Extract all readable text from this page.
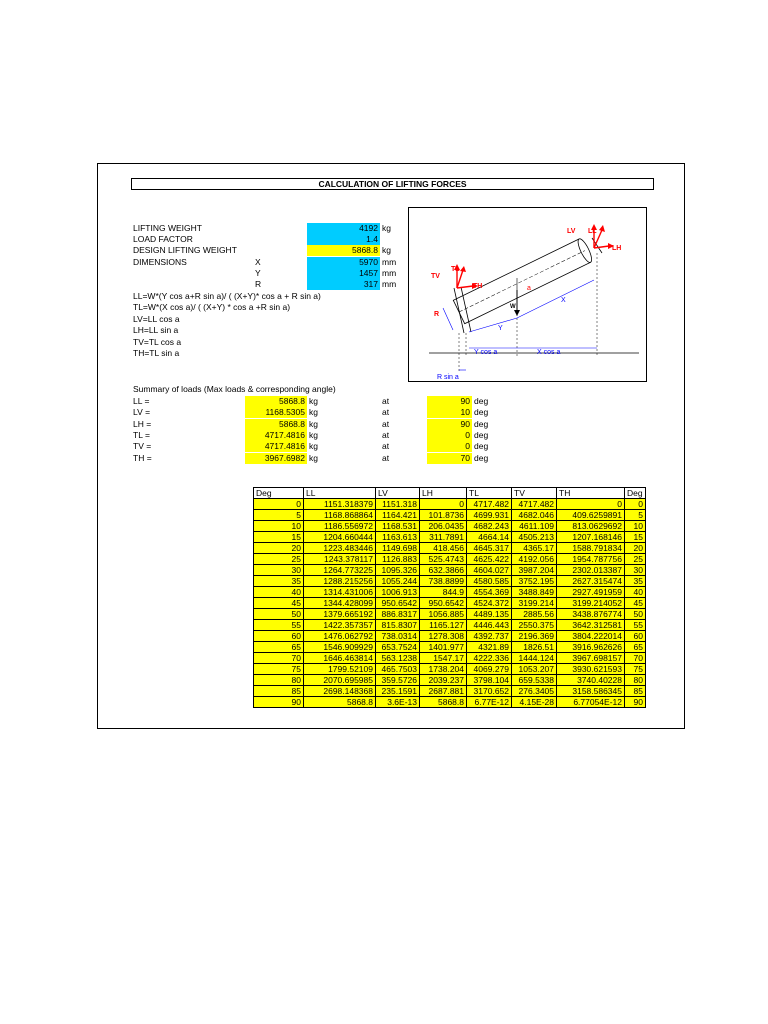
CALCULATION OF LIFTING FORCES
LIFTING WEIGHT	4192 kg
LOAD FACTOR	1.4
DESIGN LIFTING WEIGHT	5868.8 kg
DIMENSIONS	X	5970 mm
Y	1457 mm
R	317 mm
LL=W*(Y cos a+R sin a)/ ( (X+Y)* cos a + R sin a)
TL=W*(X cos a)/ ( (X+Y) * cos a +R sin a)
LV=LL cos a
LH=LL sin a
TV=TL cos a
TH=TL sin a
LV LL
LH
TV
TL
TH	a
W
X
R
Y
Y cos a	X cos a
R sin a
Summary of loads (Max loads & corresponding angle)
LL =	5868.8 kg	at	90 deg
LV =	1168.5305 kg	at	10 deg
LH =	5868.8 kg	at	90 deg
TL =	4717.4816 kg	at	0 deg
TV =	4717.4816 kg	at	0 deg
TH =	3967.6982 kg	at	70 deg
Deg	LL	LV	LH	TL	TV	TH	Deg
0	1151.318379	1151.318	0	4717.482	4717.482	0	0
5	1168.868864	1164.421	101.8736	4699.931	4682.046	409.6259891	5
10	1186.556972	1168.531	206.0435	4682.243	4611.109	813.0629692	10
15	1204.660444	1163.613	311.7891	4664.14	4505.213	1207.168146	15
20	1223.483446	1149.698	418.456	4645.317	4365.17	1588.791834	20
25	1243.378117	1126.883	525.4743	4625.422	4192.056	1954.787756	25
30	1264.773225	1095.326	632.3866	4604.027	3987.204	2302.013387	30
35	1288.215256	1055.244	738.8899	4580.585	3752.195	2627.315474	35
40	1314.431006	1006.913	844.9	4554.369	3488.849	2927.491959	40
45	1344.428099	950.6542	950.6542	4524.372	3199.214	3199.214052	45
50	1379.665192	886.8317	1056.885	4489.135	2885.56	3438.876774	50
55	1422.357357	815.8307	1165.127	4446.443	2550.375	3642.312581	55
60	1476.062792	738.0314	1278.308	4392.737	2196.369	3804.222014	60
65	1546.909929	653.7524	1401.977	4321.89	1826.51	3916.962626	65
70	1646.463814	563.1238	1547.17	4222.336	1444.124	3967.698157	70
75	1799.52109	465.7503	1738.204	4069.279	1053.207	3930.621593	75
80	2070.695985	359.5726	2039.237	3798.104	659.5338	3740.40228	80
85	2698.148368	235.1591	2687.881	3170.652	276.3405	3158.586345	85
90	5868.8	3.6E-13	5868.8	6.77E-12	4.15E-28	6.77054E-12	90
